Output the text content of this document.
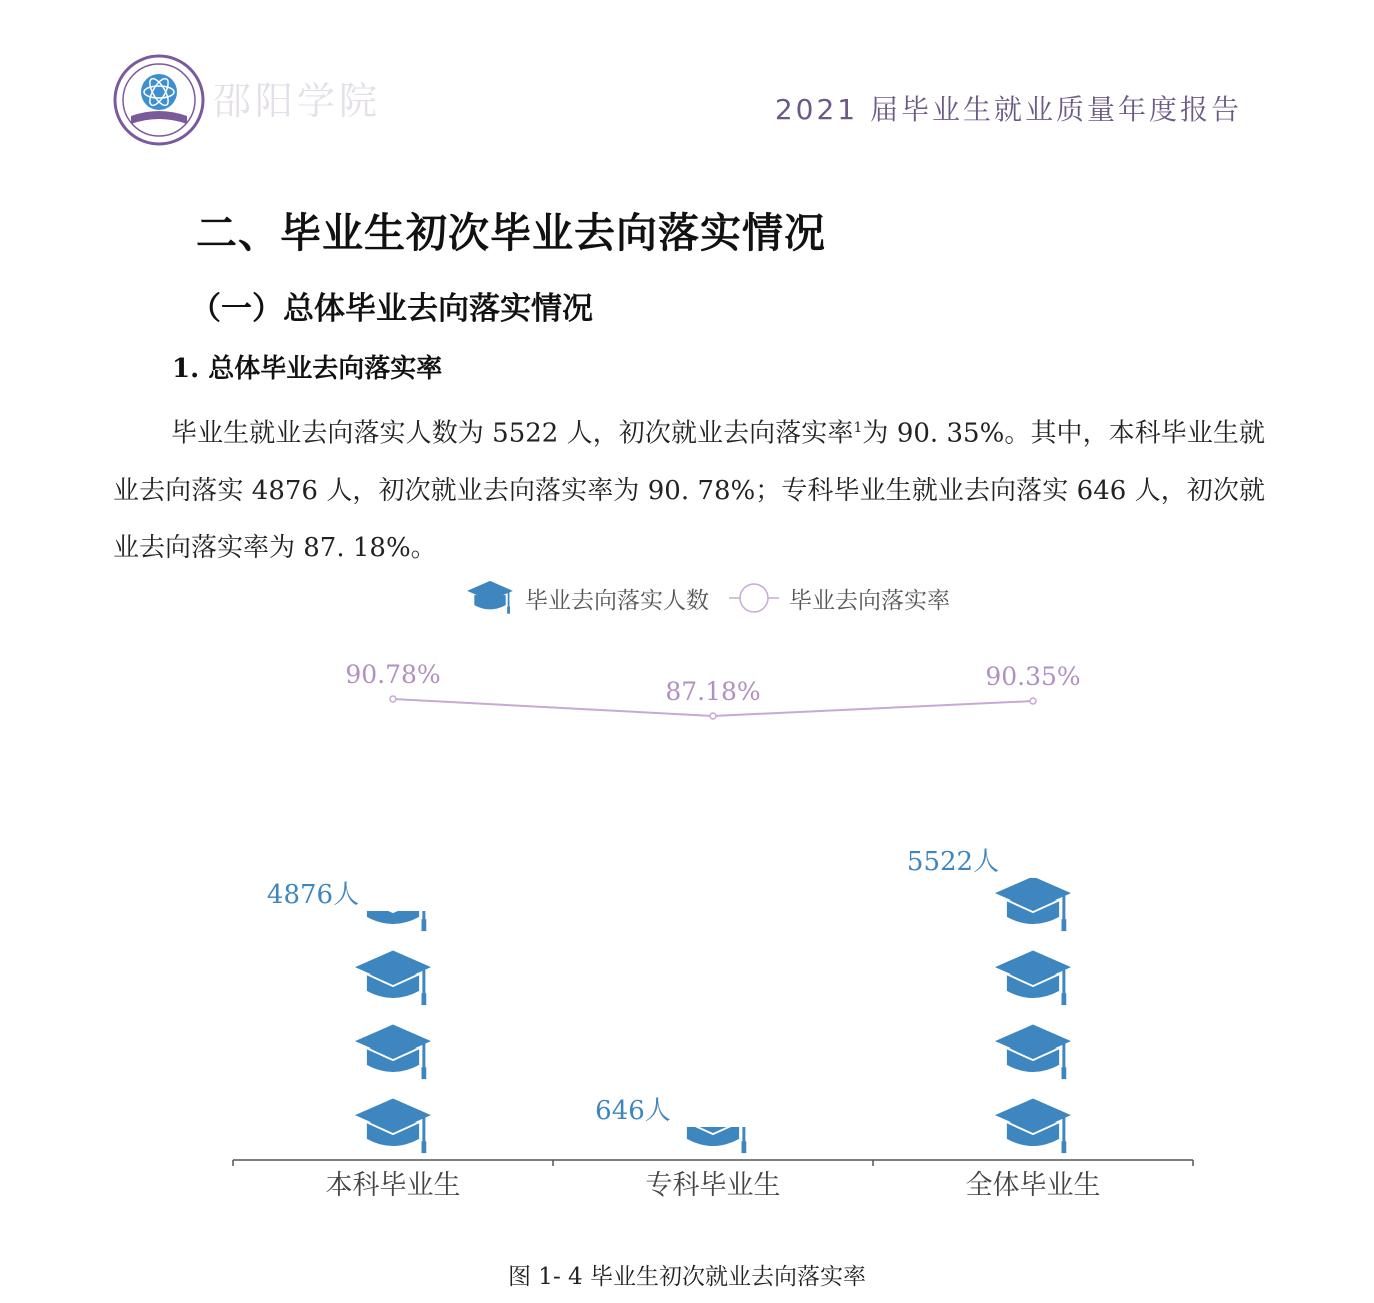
邵阳学院	2021 届毕业生就业质量年度报告
二、毕业生初次毕业去向落实情况
（一）总体毕业去向落实情况
1. 总体毕业去向落实率
毕业生就业去向落实人数为 5522 人，初次就业去向落实率$^1$为 90. 35%。其中，本科毕业生就业去向落实 4876 人，初次就业去向落实率为 90. 78%；专科毕业生就业去向落实 646 人，初次就业去向落实率为 87. 18%。
毕业去向落实人数	毕业去向落实率
90.78%
87.18%
90.35%
4876人
646人
5522人
本科毕业生	专科毕业生	全体毕业生
图 1- 4 毕业生初次就业去向落实率
